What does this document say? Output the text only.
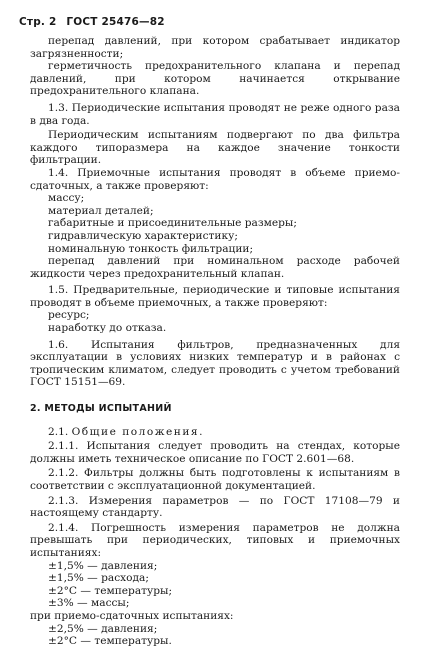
Стр. 2 ГОСТ 25476—82

перепад давлений, при котором срабатывает индикатор загрязненности;

герметичность предохранительного клапана и перепад давлений, при котором начинается открывание предохранительного клапана.

1.3. Периодические испытания проводят не реже одного раза в два года.

Периодическим испытаниям подвергают по два фильтра каждого типоразмера на каждое значение тонкости фильтрации.

1.4. Приемочные испытания проводят в объеме приемо-сдаточных, а также проверяют:

массу;

материал деталей;

габаритные и присоединительные размеры;

гидравлическую характеристику;

номинальную тонкость фильтрации;

перепад давлений при номинальном расходе рабочей жидкости через предохранительный клапан.

1.5. Предварительные, периодические и типовые испытания проводят в объеме приемочных, а также проверяют:

ресурс;

наработку до отказа.

1.6. Испытания фильтров, предназначенных для эксплуатации в условиях низких температур и в районах с тропическим климатом, следует проводить с учетом требований ГОСТ 15151—69.

2. МЕТОДЫ ИСПЫТАНИЙ

2.1. Общие положения.

2.1.1. Испытания следует проводить на стендах, которые должны иметь техническое описание по ГОСТ 2.601—68.

2.1.2. Фильтры должны быть подготовлены к испытаниям в соответствии с эксплуатационной документацией.

2.1.3. Измерения параметров — по ГОСТ 17108—79 и настоящему стандарту.

2.1.4. Погрешность измерения параметров не должна превышать при периодических, типовых и приемочных испытаниях:

±1,5% — давления;

±1,5% — расхода;

±2°С — температуры;

±3% — массы;

при приемо-сдаточных испытаниях:

±2,5% — давления;

±2°С — температуры.
